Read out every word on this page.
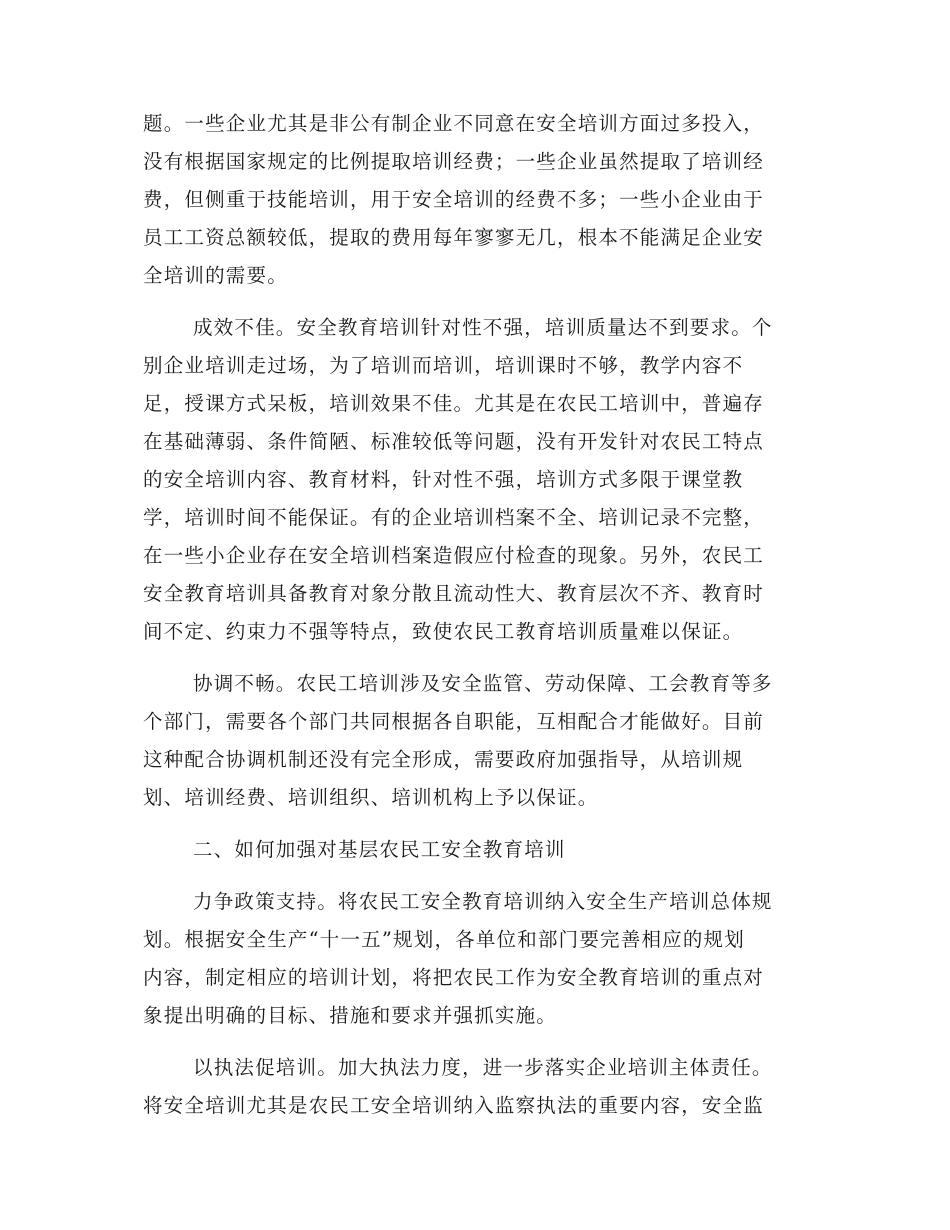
题。一些企业尤其是非公有制企业不同意在安全培训方面过多投入，
没有根据国家规定的比例提取培训经费；一些企业虽然提取了培训经
费，但侧重于技能培训，用于安全培训的经费不多；一些小企业由于
员工工资总额较低，提取的费用每年寥寥无几，根本不能满足企业安
全培训的需要。
成效不佳。安全教育培训针对性不强，培训质量达不到要求。个
别企业培训走过场，为了培训而培训，培训课时不够，教学内容不
足，授课方式呆板，培训效果不佳。尤其是在农民工培训中，普遍存
在基础薄弱、条件简陋、标准较低等问题，没有开发针对农民工特点
的安全培训内容、教育材料，针对性不强，培训方式多限于课堂教
学，培训时间不能保证。有的企业培训档案不全、培训记录不完整，
在一些小企业存在安全培训档案造假应付检查的现象。另外，农民工
安全教育培训具备教育对象分散且流动性大、教育层次不齐、教育时
间不定、约束力不强等特点，致使农民工教育培训质量难以保证。
协调不畅。农民工培训涉及安全监管、劳动保障、工会教育等多
个部门，需要各个部门共同根据各自职能，互相配合才能做好。目前
这种配合协调机制还没有完全形成，需要政府加强指导，从培训规
划、培训经费、培训组织、培训机构上予以保证。
二、如何加强对基层农民工安全教育培训
力争政策支持。将农民工安全教育培训纳入安全生产培训总体规
划。根据安全生产“十一五”规划，各单位和部门要完善相应的规划
内容，制定相应的培训计划，将把农民工作为安全教育培训的重点对
象提出明确的目标、措施和要求并强抓实施。
以执法促培训。加大执法力度，进一步落实企业培训主体责任。
将安全培训尤其是农民工安全培训纳入监察执法的重要内容，安全监
